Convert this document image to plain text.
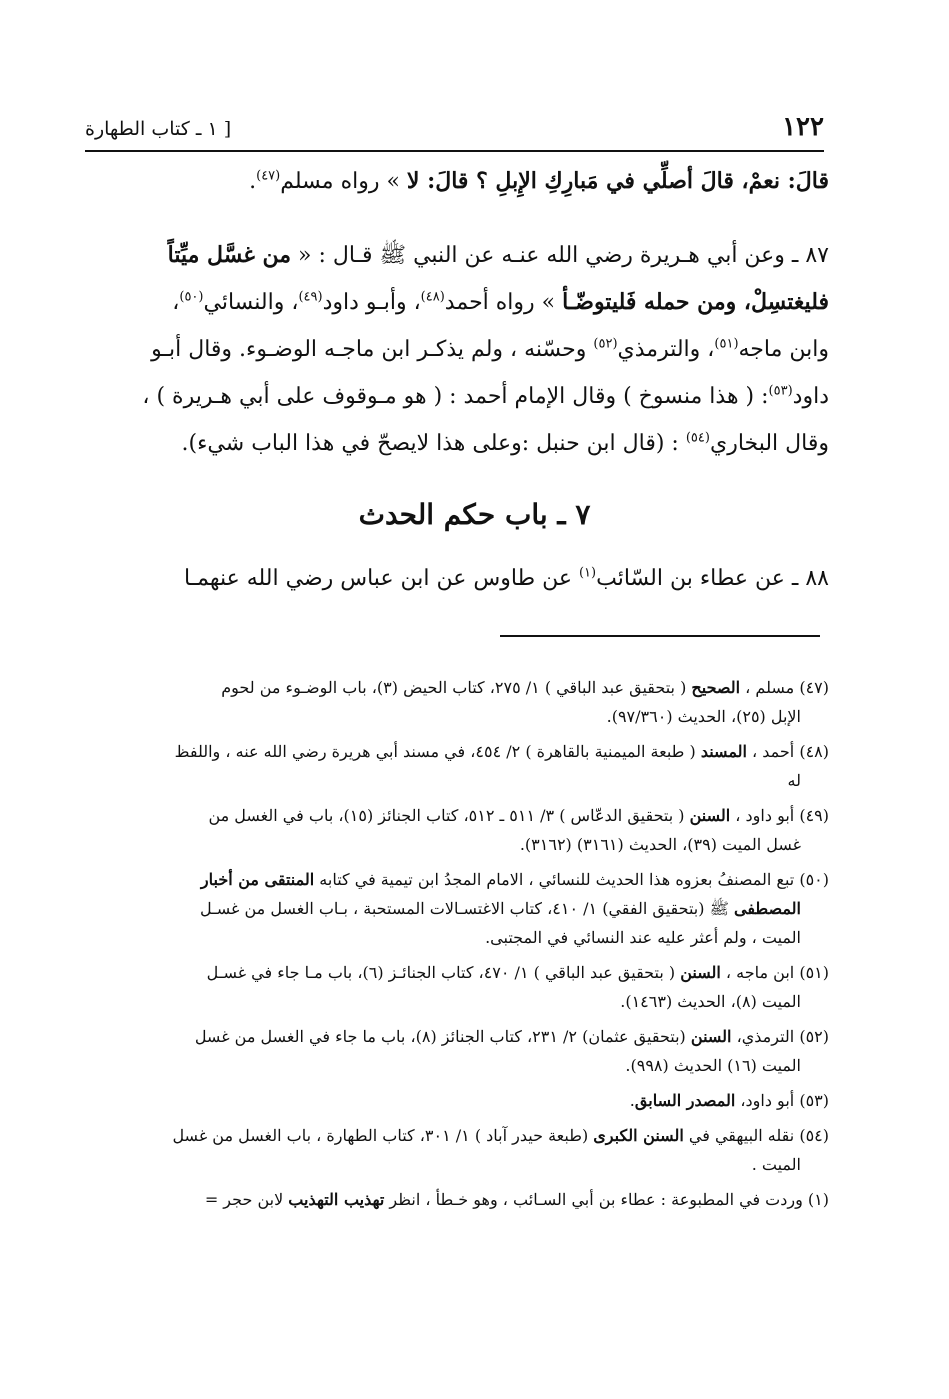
١٢٢
[ ١ ـ كتاب الطهارة
قالَ: نعمْ، قالَ أصلِّي في مَبارِكِ الإِبلِ ؟ قالَ: لا » رواه مسلم$^{(٤٧)}$.
٨٧ ـ وعن أبي هـريرة رضي الله عنـه عن النبي ﷺ قـال : « من غسَّل ميِّتاً
فليغتسِلْ، ومن حمله فَليتوضّـأ » رواه أحمد$^{(٤٨)}$، وأبـو داود$^{(٤٩)}$، والنسائي$^{(٥٠)}$،
وابن ماجه$^{(٥١)}$، والترمذي$^{(٥٢)}$ وحسّنه ، ولم يذكـر ابن ماجـه الوضـوء. وقال أبـو
داود$^{(٥٣)}$: ( هذا منسوخ ) وقال الإمام أحمد : ( هو مـوقوف على أبي هـريرة ) ،
وقال البخاري$^{(٥٤)}$ : (قال ابن حنبل :وعلى هذا لايصحّ في هذا الباب شيء).
٧ ـ باب حكم الحدث
٨٨ ـ عن عطاء بن السّائب$^{(١)}$ عن طاوس عن ابن عباس رضي الله عنهمـا
(٤٧) مسلم ، الصحيح ( بتحقيق عبد الباقي ) ١/ ٢٧٥، كتاب الحيض (٣)، باب الوضـوء من لحوم
الإبل (٢٥)، الحديث (٩٧/٣٦٠).
(٤٨) أحمد ، المسند ( طبعة الميمنية بالقاهرة ) ٢/ ٤٥٤، في مسند أبي هريرة رضي الله عنه ، واللفظ
له
(٤٩) أبو داود ، السنن ( بتحقيق الدعّاس ) ٣/ ٥١١ ـ ٥١٢، كتاب الجنائز (١٥)، باب في الغسل من
غسل الميت (٣٩)، الحديث (٣١٦١) (٣١٦٢).
(٥٠) تبع المصنفُ بعزوه هذا الحديث للنسائي ، الامام المجدُ ابن تيمية في كتابه المنتقى من أخبار
المصطفى ﷺ (بتحقيق الفقي) ١/ ٤١٠، كتاب الاغتسـالات المستحبة ، بـاب الغسل من غسـل
الميت ، ولم أعثر عليه عند النسائي في المجتبى.
(٥١) ابن ماجه ، السنن ( بتحقيق عبد الباقي ) ١/ ٤٧٠، كتاب الجنائـز (٦)، باب مـا جاء في غسـل
الميت (٨)، الحديث (١٤٦٣).
(٥٢) الترمذي، السنن (بتحقيق عثمان) ٢/ ٢٣١، كتاب الجنائز (٨)، باب ما جاء في الغسل من غسل
الميت (١٦) الحديث (٩٩٨).
(٥٣) أبو داود، المصدر السابق.
(٥٤) نقله البيهقي في السنن الكبرى (طبعة حيدر آباد ) ١/ ٣٠١، كتاب الطهارة ، باب الغسل من غسل
الميت .
(١) وردت في المطبوعة : عطاء بن أبي السـائب ، وهو خـطأ ، انظر تهذيب التهذيب لابن حجر =
